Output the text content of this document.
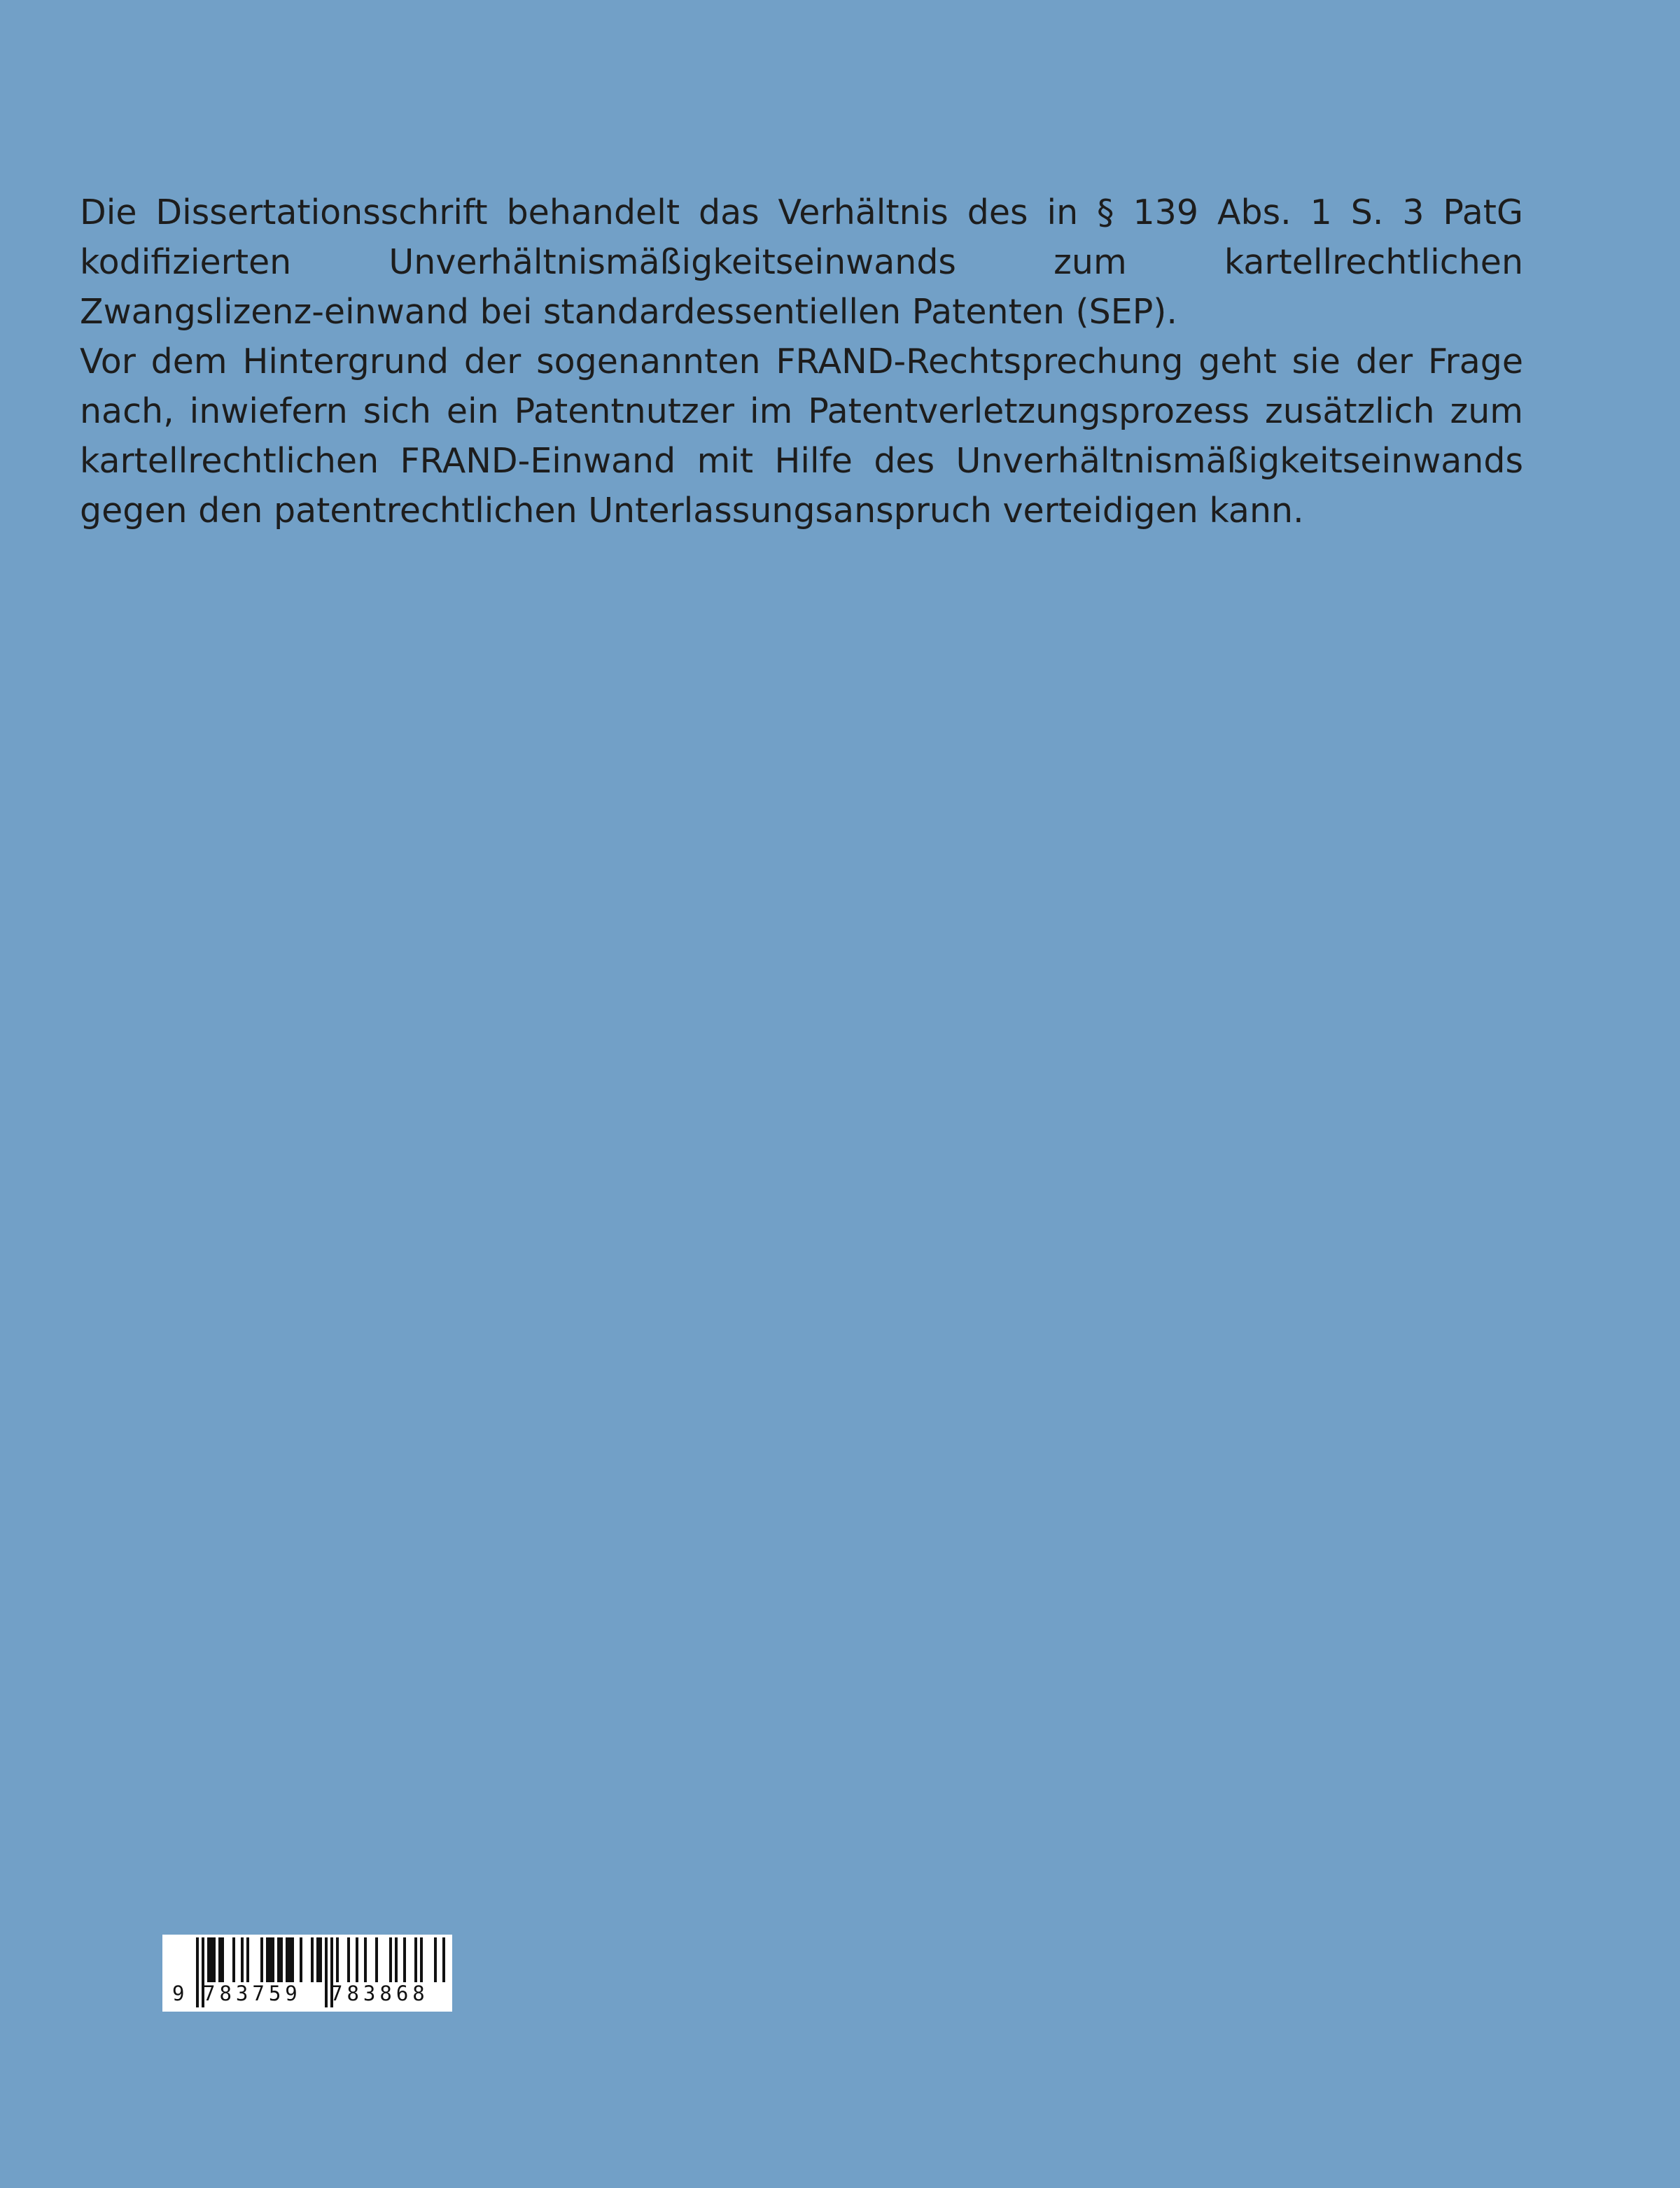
Die Dissertationsschrift behandelt das Verhältnis des in § 139 Abs. 1 S. 3 PatG kodifizierten Unverhältnismäßigkeitseinwands zum kartellrechtlichen Zwangslizenz-einwand bei standardessentiellen Patenten (SEP).

Vor dem Hintergrund der sogenannten FRAND-Rechtsprechung geht sie der Frage nach, inwiefern sich ein Patentnutzer im Patentverletzungsprozess zusätzlich zum kartellrechtlichen FRAND-Einwand mit Hilfe des Unverhältnismäßigkeitseinwands gegen den patentrechtlichen Unterlassungsanspruch verteidigen kann.

9

783759

783868
